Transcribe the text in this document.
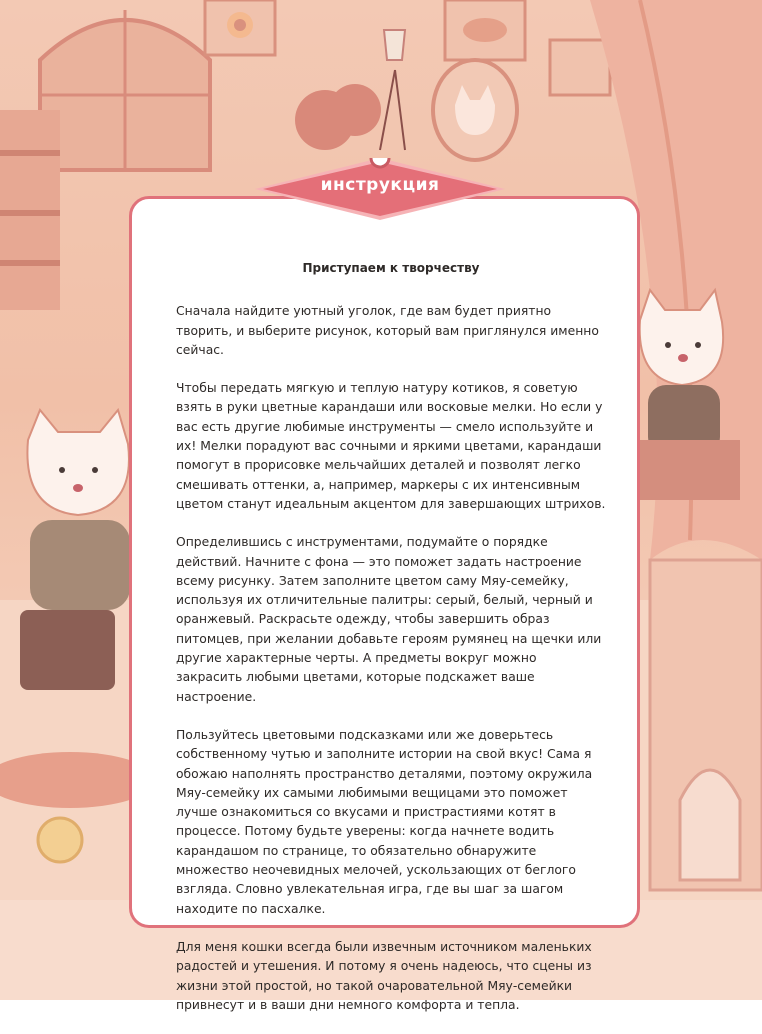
Приступаем к творчеству

Сначала найдите уютный уголок, где вам будет приятно творить, и выберите рисунок, который вам приглянулся именно сейчас.

Чтобы передать мягкую и теплую натуру котиков, я советую взять в руки цветные карандаши или восковые мелки. Но если у вас есть другие любимые инструменты — смело используйте и их! Мелки порадуют вас сочными и яркими цветами, карандаши помогут в прорисовке мельчайших деталей и позволят легко смешивать оттенки, а, например, маркеры с их интенсивным цветом станут идеальным акцентом для завершающих штрихов.

Определившись с инструментами, подумайте о порядке действий. Начните с фона — это поможет задать настроение всему рисунку. Затем заполните цветом саму Мяу-семейку, используя их отличительные палитры: серый, белый, черный и оранжевый. Раскрасьте одежду, чтобы завершить образ питомцев, при желании добавьте героям румянец на щечки или другие характерные черты. А предметы вокруг можно закрасить любыми цветами, которые подскажет ваше настроение.

Пользуйтесь цветовыми подсказками или же доверьтесь собственному чутью и заполните истории на свой вкус! Сама я обожаю наполнять пространство деталями, поэтому окружила Мяу-семейку их самыми любимыми вещицами это поможет лучше ознакомиться со вкусами и пристрастиями котят в процессе. Потому будьте уверены: когда начнете водить карандашом по странице, то обязательно обнаружите множество неочевидных мелочей, ускользающих от беглого взгляда. Словно увлекательная игра, где вы шаг за шагом находите по пасхалке.

Для меня кошки всегда были извечным источником маленьких радостей и утешения. И потому я очень надеюсь, что сцены из жизни этой простой, но такой очаровательной Мяу-семейки привнесут и в ваши дни немного комфорта и тепла.

инструкция
